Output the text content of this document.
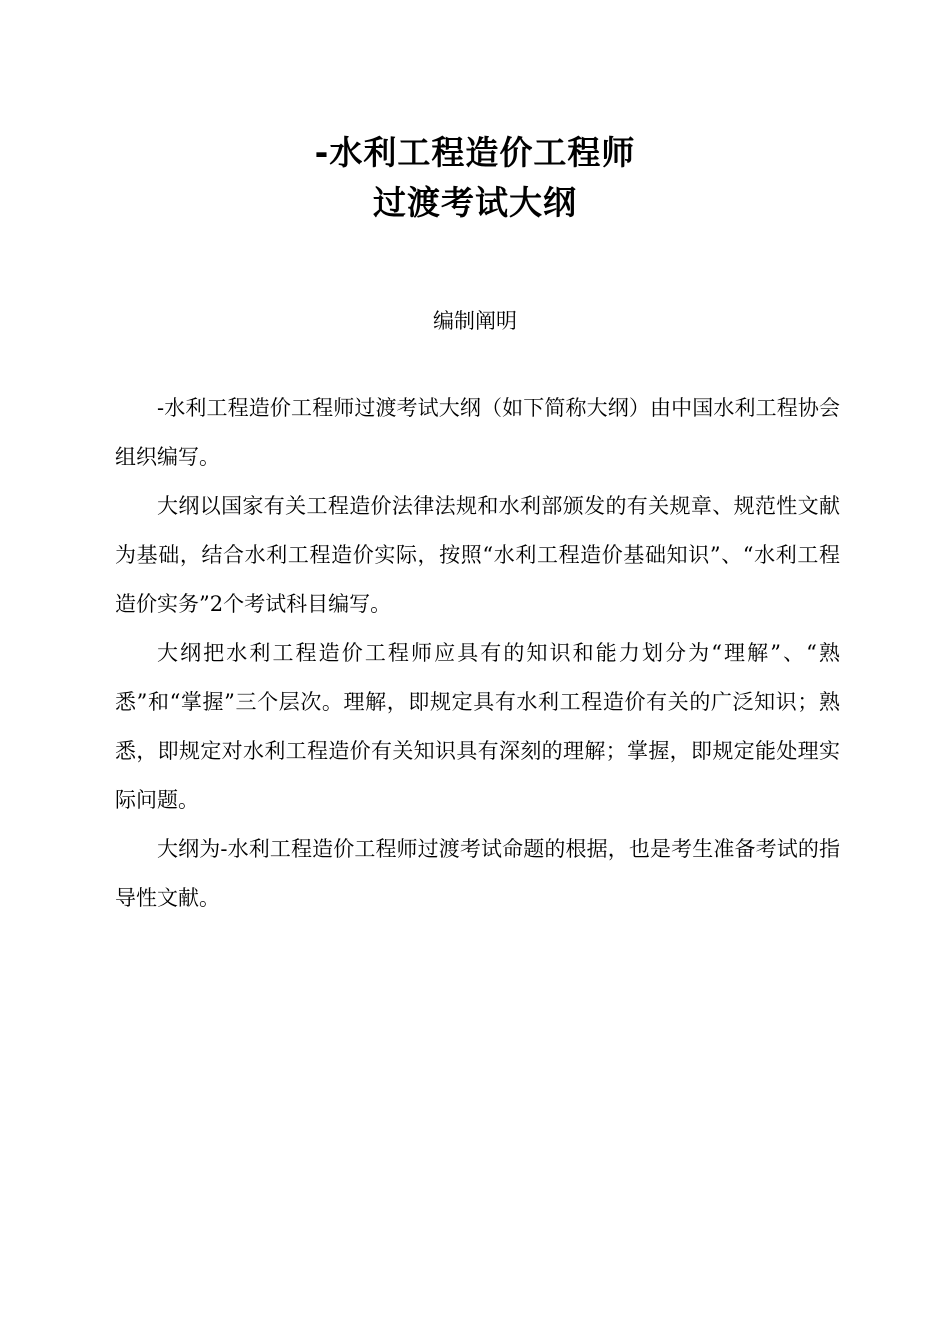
-水利工程造价工程师

过渡考试大纲

编制阐明

-水利工程造价工程师过渡考试大纲（如下简称大纲）由中国水利工程协会组织编写。

大纲以国家有关工程造价法律法规和水利部颁发的有关规章、规范性文献为基础，结合水利工程造价实际，按照“水利工程造价基础知识”、“水利工程造价实务”2个考试科目编写。

大纲把水利工程造价工程师应具有的知识和能力划分为“理解”、“熟悉”和“掌握”三个层次。理解，即规定具有水利工程造价有关的广泛知识；熟悉，即规定对水利工程造价有关知识具有深刻的理解；掌握，即规定能处理实际问题。

大纲为-水利工程造价工程师过渡考试命题的根据，也是考生准备考试的指导性文献。
